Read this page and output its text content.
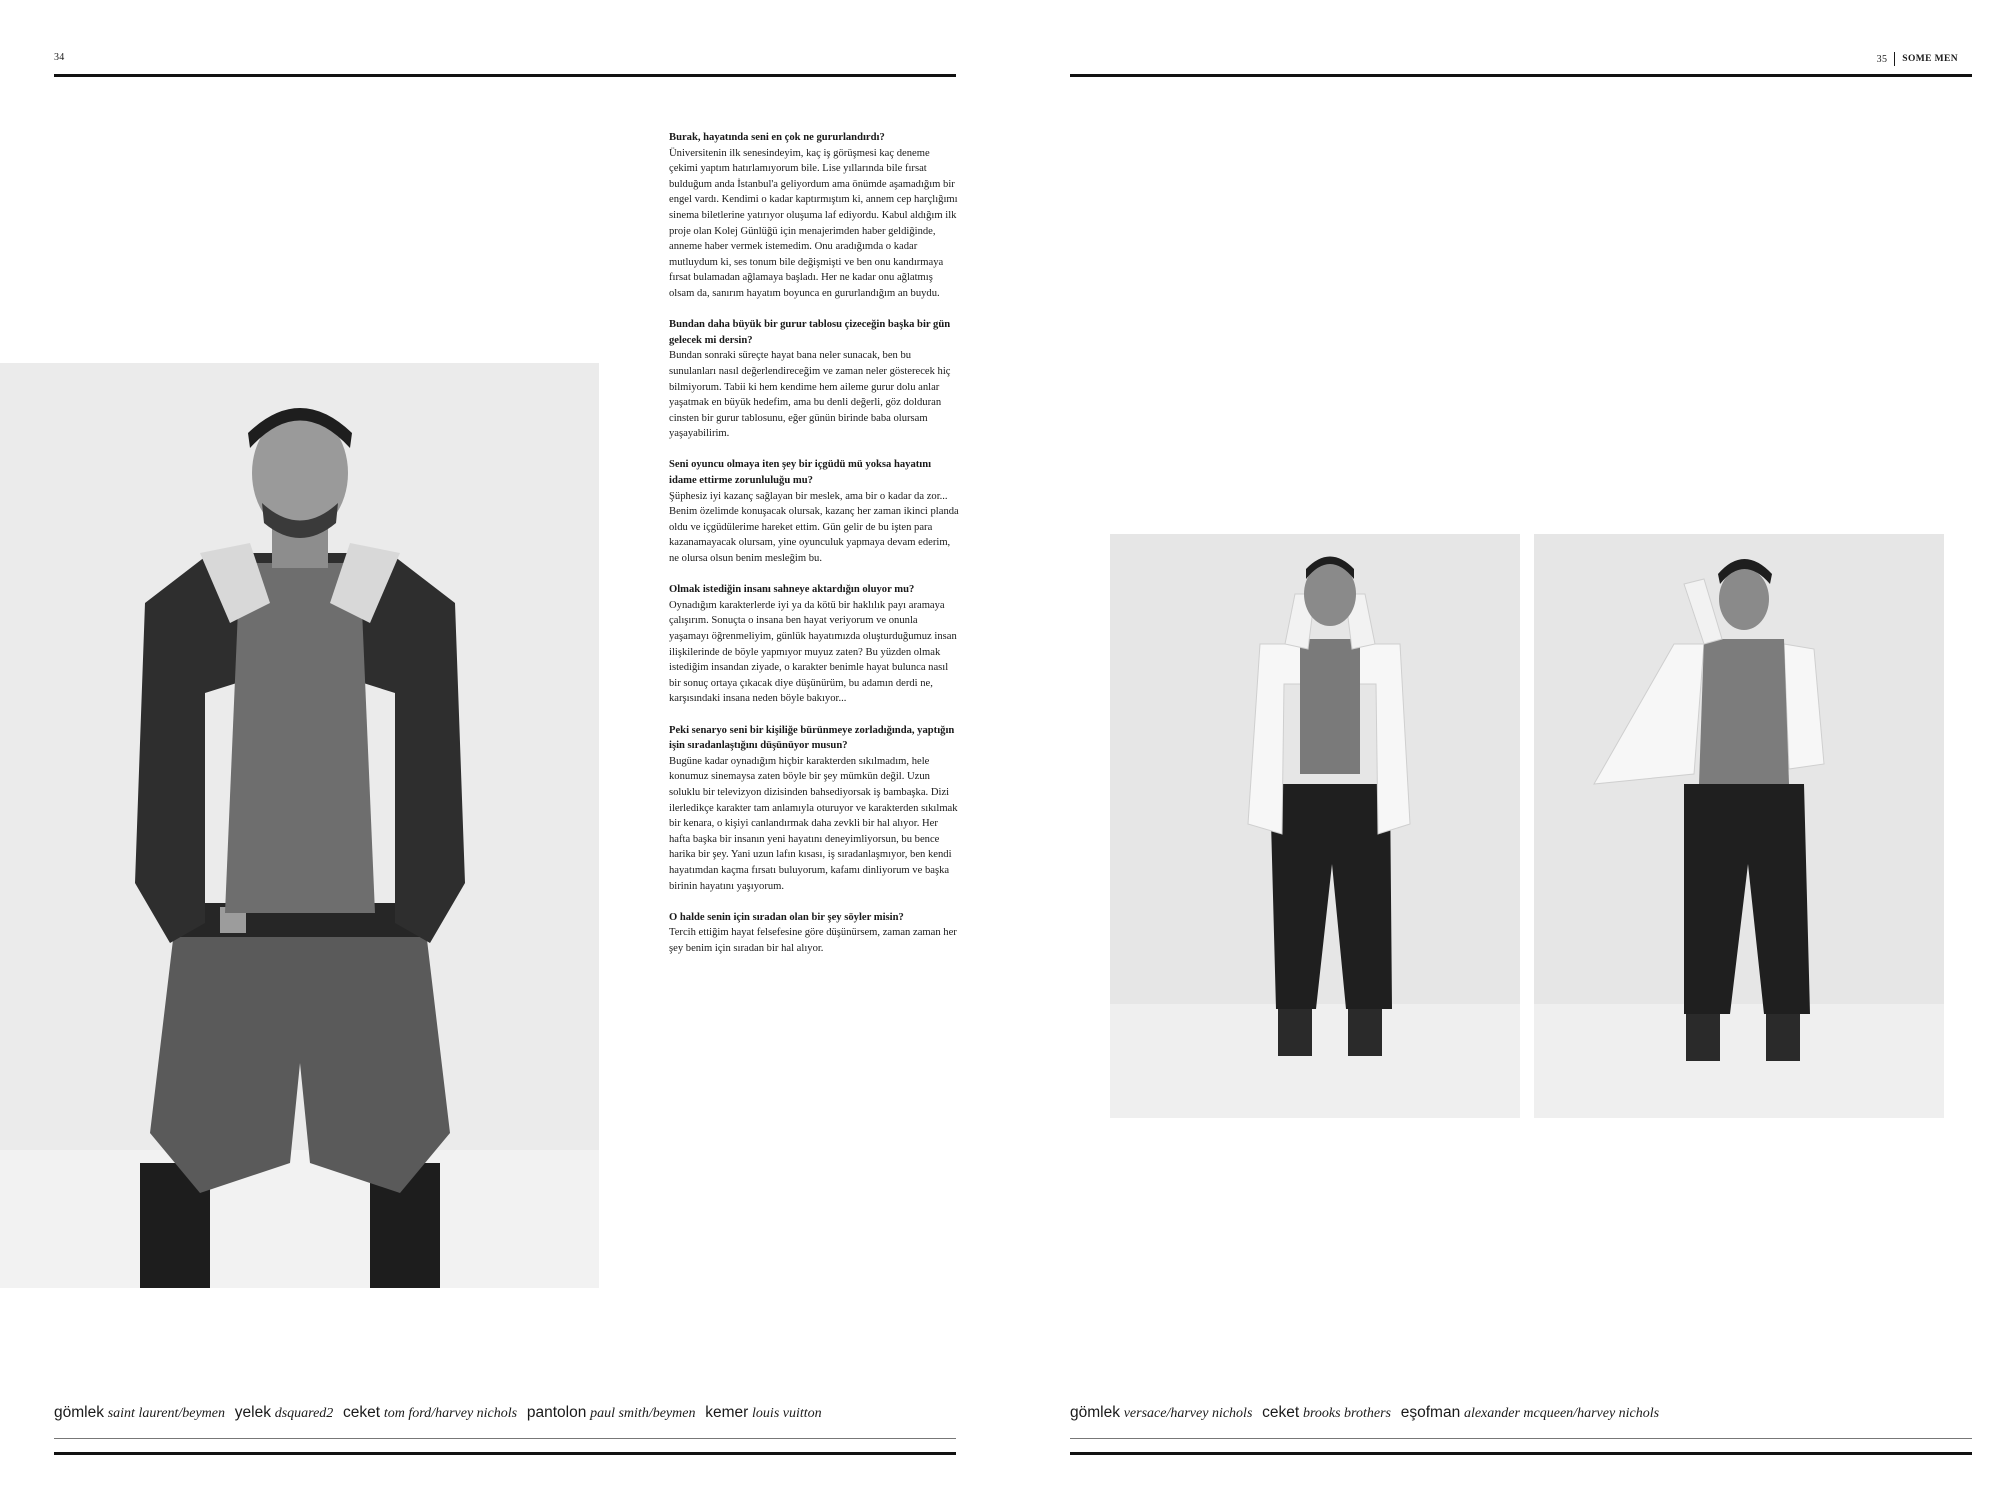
34
Burak, hayatında seni en çok ne gururlandırdı?
Üniversitenin ilk senesindeyim, kaç iş görüşmesi kaç deneme çekimi yaptım hatırlamıyorum bile. Lise yıllarında bile fırsat bulduğum anda İstanbul'a geliyordum ama önümde aşamadığım bir engel vardı. Kendimi o kadar kaptırmıştım ki, annem cep harçlığımı sinema biletlerine yatırıyor oluşuma laf ediyordu. Kabul aldığım ilk proje olan Kolej Günlüğü için menajerimden haber geldiğinde, anneme haber vermek istemedim. Onu aradığımda o kadar mutluydum ki, ses tonum bile değişmişti ve ben onu kandırmaya fırsat bulamadan ağlamaya başladı. Her ne kadar onu ağlatmış olsam da, sanırım hayatım boyunca en gururlandığım an buydu.
Bundan daha büyük bir gurur tablosu çizeceğin başka bir gün gelecek mi dersin?
Bundan sonraki süreçte hayat bana neler sunacak, ben bu sunulanları nasıl değerlendireceğim ve zaman neler gösterecek hiç bilmiyorum. Tabii ki hem kendime hem aileme gurur dolu anlar yaşatmak en büyük hedefim, ama bu denli değerli, göz dolduran cinsten bir gurur tablosunu, eğer günün birinde baba olursam yaşayabilirim.
Seni oyuncu olmaya iten şey bir içgüdü mü yoksa hayatını idame ettirme zorunluluğu mu?
Şüphesiz iyi kazanç sağlayan bir meslek, ama bir o kadar da zor... Benim özelimde konuşacak olursak, kazanç her zaman ikinci planda oldu ve içgüdülerime hareket ettim. Gün gelir de bu işten para kazanamayacak olursam, yine oyunculuk yapmaya devam ederim, ne olursa olsun benim mesleğim bu.
Olmak istediğin insanı sahneye aktardığın oluyor mu?
Oynadığım karakterlerde iyi ya da kötü bir haklılık payı aramaya çalışırım. Sonuçta o insana ben hayat veriyorum ve onunla yaşamayı öğrenmeliyim, günlük hayatımızda oluşturduğumuz insan ilişkilerinde de böyle yapmıyor muyuz zaten? Bu yüzden olmak istediğim insandan ziyade, o karakter benimle hayat bulunca nasıl bir sonuç ortaya çıkacak diye düşünürüm, bu adamın derdi ne, karşısındaki insana neden böyle bakıyor...
Peki senaryo seni bir kişiliğe bürünmeye zorladığında, yaptığın işin sıradanlaştığını düşünüyor musun?
Bugüne kadar oynadığım hiçbir karakterden sıkılmadım, hele konumuz sinemaysa zaten böyle bir şey mümkün değil. Uzun soluklu bir televizyon dizisinden bahsediyorsak iş bambaşka. Dizi ilerledikçe karakter tam anlamıyla oturuyor ve karakterden sıkılmak bir kenara, o kişiyi canlandırmak daha zevkli bir hal alıyor. Her hafta başka bir insanın yeni hayatını deneyimliyorsun, bu bence harika bir şey. Yani uzun lafın kısası, iş sıradanlaşmıyor, ben kendi hayatımdan kaçma fırsatı buluyorum, kafamı dinliyorum ve başka birinin hayatını yaşıyorum.
O halde senin için sıradan olan bir şey söyler misin?
Tercih ettiğim hayat felsefesine göre düşünürsem, zaman zaman her şey benim için sıradan bir hal alıyor.
gömlek saint laurent/beymen yelek dsquared2 ceket tom ford/harvey nichols pantolon paul smith/beymen kemer louis vuitton
35 SOME MEN
gömlek versace/harvey nichols ceket brooks brothers eşofman alexander mcqueen/harvey nichols
